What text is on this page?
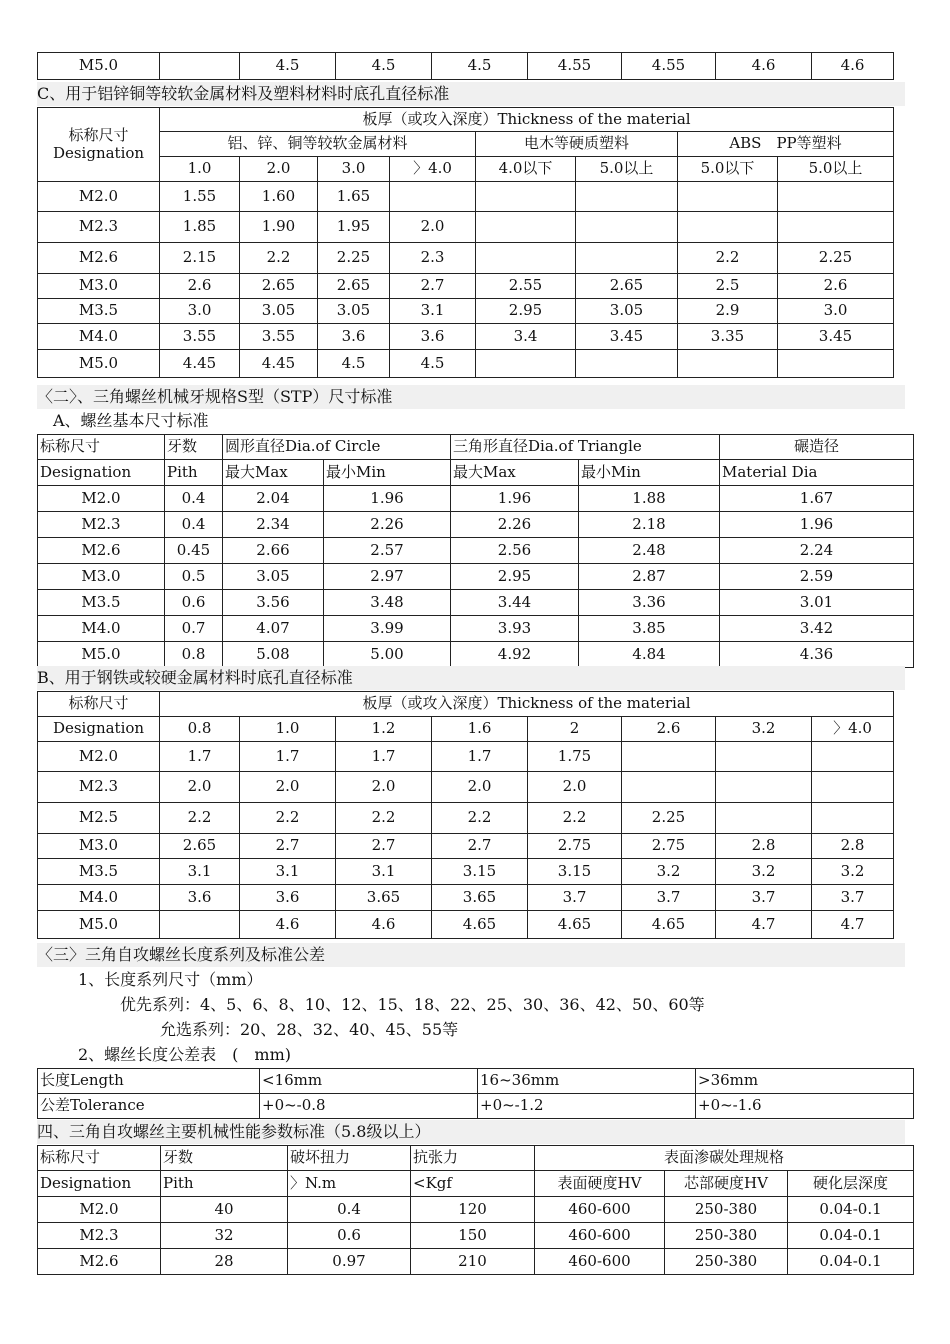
M5.0		4.5	4.5	4.5	4.55	4.55	4.6	4.6
C、用于铝锌铜等较软金属材料及塑料材料时底孔直径标准
标称尺寸
Designation	板厚（或攻入深度）Thickness of the material							
	铝、锌、铜等较软金属材料				电木等硬质塑料		ABS　PP等塑料	
	1.0	2.0	3.0	〉4.0	4.0以下	5.0以上	5.0以下	5.0以上
M2.0	1.55	1.60	1.65					
M2.3	1.85	1.90	1.95	2.0				
M2.6	2.15	2.2	2.25	2.3			2.2	2.25
M3.0	2.6	2.65	2.65	2.7	2.55	2.65	2.5	2.6
M3.5	3.0	3.05	3.05	3.1	2.95	3.05	2.9	3.0
M4.0	3.55	3.55	3.6	3.6	3.4	3.45	3.35	3.45
M5.0	4.45	4.45	4.5	4.5				
〈二〉、三角螺丝机械牙规格S型（STP）尺寸标准
　A、螺丝基本尺寸标准
标称尺寸	牙数	圆形直径Dia.of Circle		三角形直径Dia.of Triangle		碾造径
Designation	Pith	最大Max	最小Min	最大Max	最小Min	Material Dia
M2.0	0.4	2.04	1.96	1.96	1.88	1.67
M2.3	0.4	2.34	2.26	2.26	2.18	1.96
M2.6	0.45	2.66	2.57	2.56	2.48	2.24
M3.0	0.5	3.05	2.97	2.95	2.87	2.59
M3.5	0.6	3.56	3.48	3.44	3.36	3.01
M4.0	0.7	4.07	3.99	3.93	3.85	3.42
M5.0	0.8	5.08	5.00	4.92	4.84	4.36
B、用于钢铁或较硬金属材料时底孔直径标准
标称尺寸	板厚（或攻入深度）Thickness of the material							
Designation	0.8	1.0	1.2	1.6	2	2.6	3.2	〉4.0
M2.0	1.7	1.7	1.7	1.7	1.75			
M2.3	2.0	2.0	2.0	2.0	2.0			
M2.5	2.2	2.2	2.2	2.2	2.2	2.25		
M3.0	2.65	2.7	2.7	2.7	2.75	2.75	2.8	2.8
M3.5	3.1	3.1	3.1	3.15	3.15	3.2	3.2	3.2
M4.0	3.6	3.6	3.65	3.65	3.7	3.7	3.7	3.7
M5.0		4.6	4.6	4.65	4.65	4.65	4.7	4.7
〈三〉三角自攻螺丝长度系列及标准公差
　1、长度系列尺寸（mm）
优先系列：4、5、6、8、10、12、15、18、22、25、30、36、42、50、60等
允选系列：20、28、32、40、45、55等
　2、螺丝长度公差表　(　mm)
长度Length	<16mm	16~36mm	>36mm
公差Tolerance	+0~-0.8	+0~-1.2	+0~-1.6
四、三角自攻螺丝主要机械性能参数标准（5.8级以上）
标称尺寸	牙数	破坏扭力	抗张力	表面渗碳处理规格		
Designation	Pith	〉N.m	<Kgf	表面硬度HV	芯部硬度HV	硬化层深度
M2.0	40	0.4	120	460-600	250-380	0.04-0.1
M2.3	32	0.6	150	460-600	250-380	0.04-0.1
M2.6	28	0.97	210	460-600	250-380	0.04-0.1
